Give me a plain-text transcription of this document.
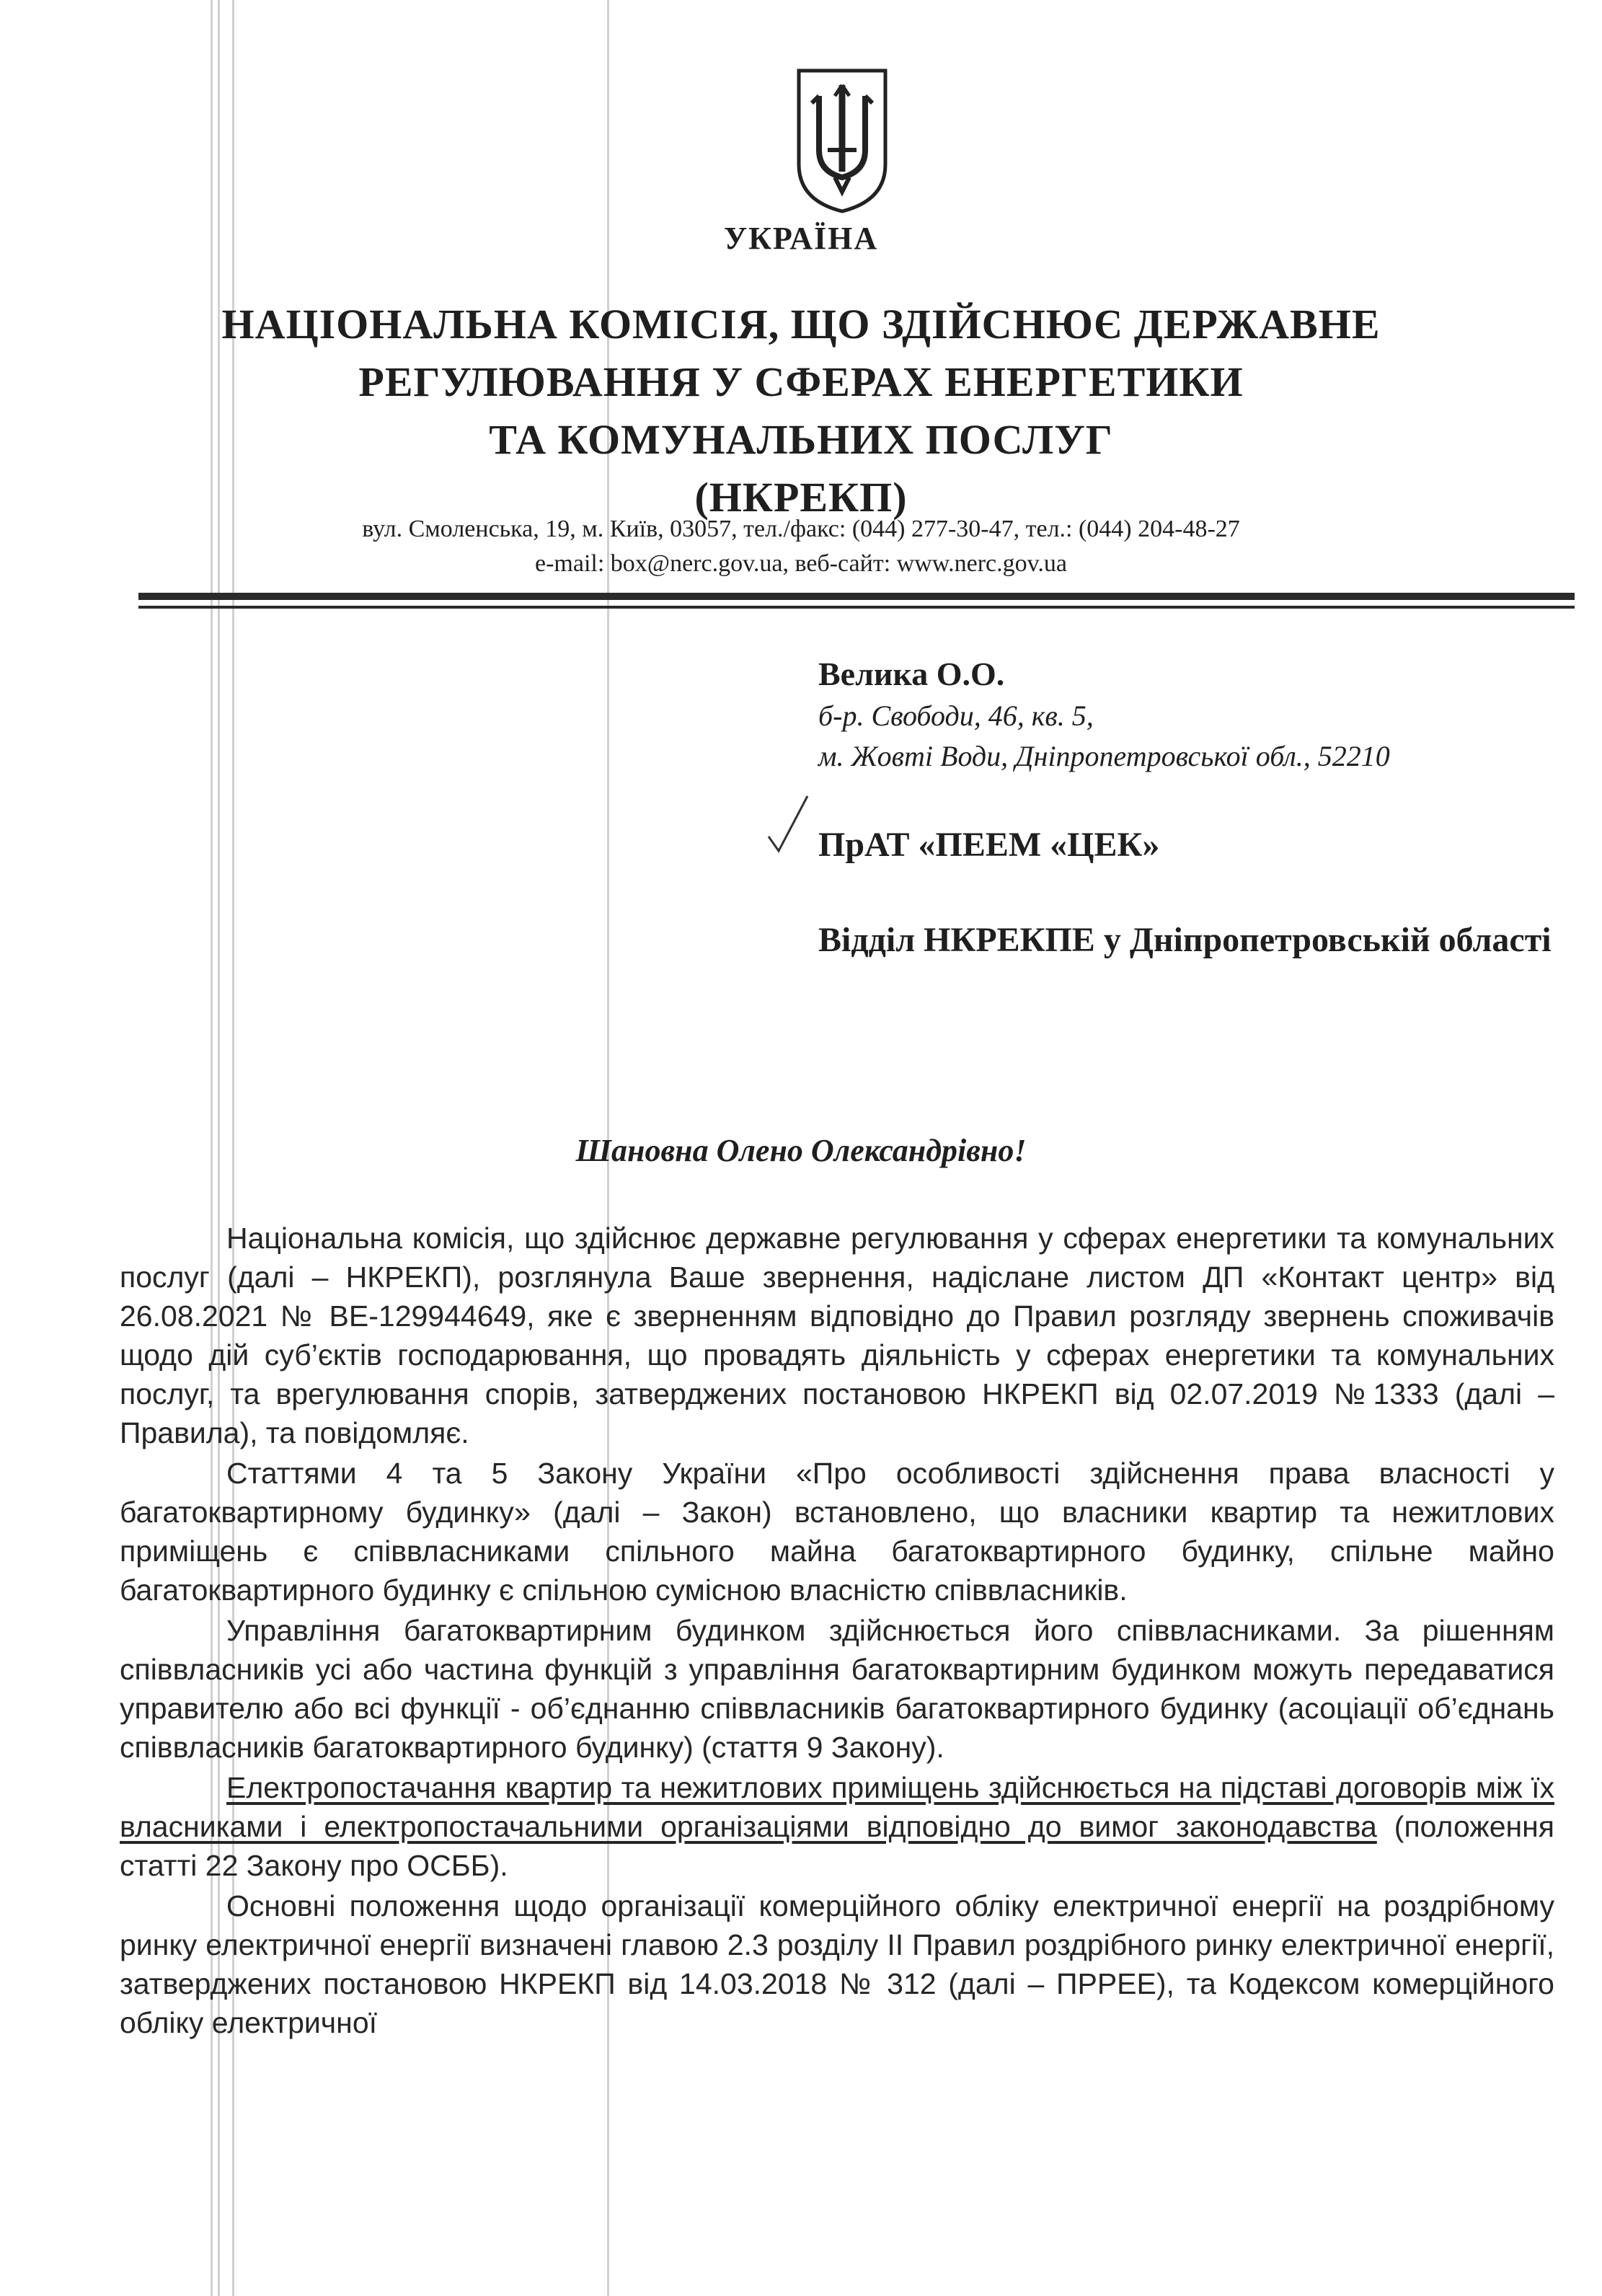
УКРАЇНА
НАЦІОНАЛЬНА КОМІСІЯ, ЩО ЗДІЙСНЮЄ ДЕРЖАВНЕ
РЕГУЛЮВАННЯ У СФЕРАХ ЕНЕРГЕТИКИ
ТА КОМУНАЛЬНИХ ПОСЛУГ
(НКРЕКП)
вул. Смоленська, 19, м. Київ, 03057, тел./факс: (044) 277-30-47, тел.: (044) 204-48-27
e-mail: box@nerc.gov.ua, веб-сайт: www.nerc.gov.ua
Велика О.О.
б-р. Свободи, 46, кв. 5,
м. Жовті Води, Дніпропетровської обл., 52210
ПрАТ «ПЕЕМ «ЦЕК»
Відділ НКРЕКПЕ у Дніпропетровській області
Шановна Олено Олександрівно!

Національна комісія, що здійснює державне регулювання у сферах енергетики та комунальних послуг (далі – НКРЕКП), розглянула Ваше звернення, надіслане листом ДП «Контакт центр» від 26.08.2021 № ВЕ-129944649, яке є зверненням відповідно до Правил розгляду звернень споживачів щодо дій суб’єктів господарювання, що провадять діяльність у сферах енергетики та комунальних послуг, та врегулювання спорів, затверджених постановою НКРЕКП від 02.07.2019 №1333 (далі – Правила), та повідомляє.

Статтями 4 та 5 Закону України «Про особливості здійснення права власності у багатоквартирному будинку» (далі – Закон) встановлено, що власники квартир та нежитлових приміщень є співвласниками спільного майна багатоквартирного будинку, спільне майно багатоквартирного будинку є спільною сумісною власністю співвласників.

Управління багатоквартирним будинком здійснюється його співвласниками. За рішенням співвласників усі або частина функцій з управління багатоквартирним будинком можуть передаватися управителю або всі функції - об’єднанню співвласників багатоквартирного будинку (асоціації об’єднань співвласників багатоквартирного будинку) (стаття 9 Закону).

Електропостачання квартир та нежитлових приміщень здійснюється на підставі договорів між їх власниками і електропостачальними організаціями відповідно до вимог законодавства (положення статті 22 Закону про ОСББ).

Основні положення щодо організації комерційного обліку електричної енергії на роздрібному ринку електричної енергії визначені главою 2.3 розділу ІІ Правил роздрібного ринку електричної енергії, затверджених постановою НКРЕКП від 14.03.2018 № 312 (далі – ПРРЕЕ), та Кодексом комерційного обліку електричної
